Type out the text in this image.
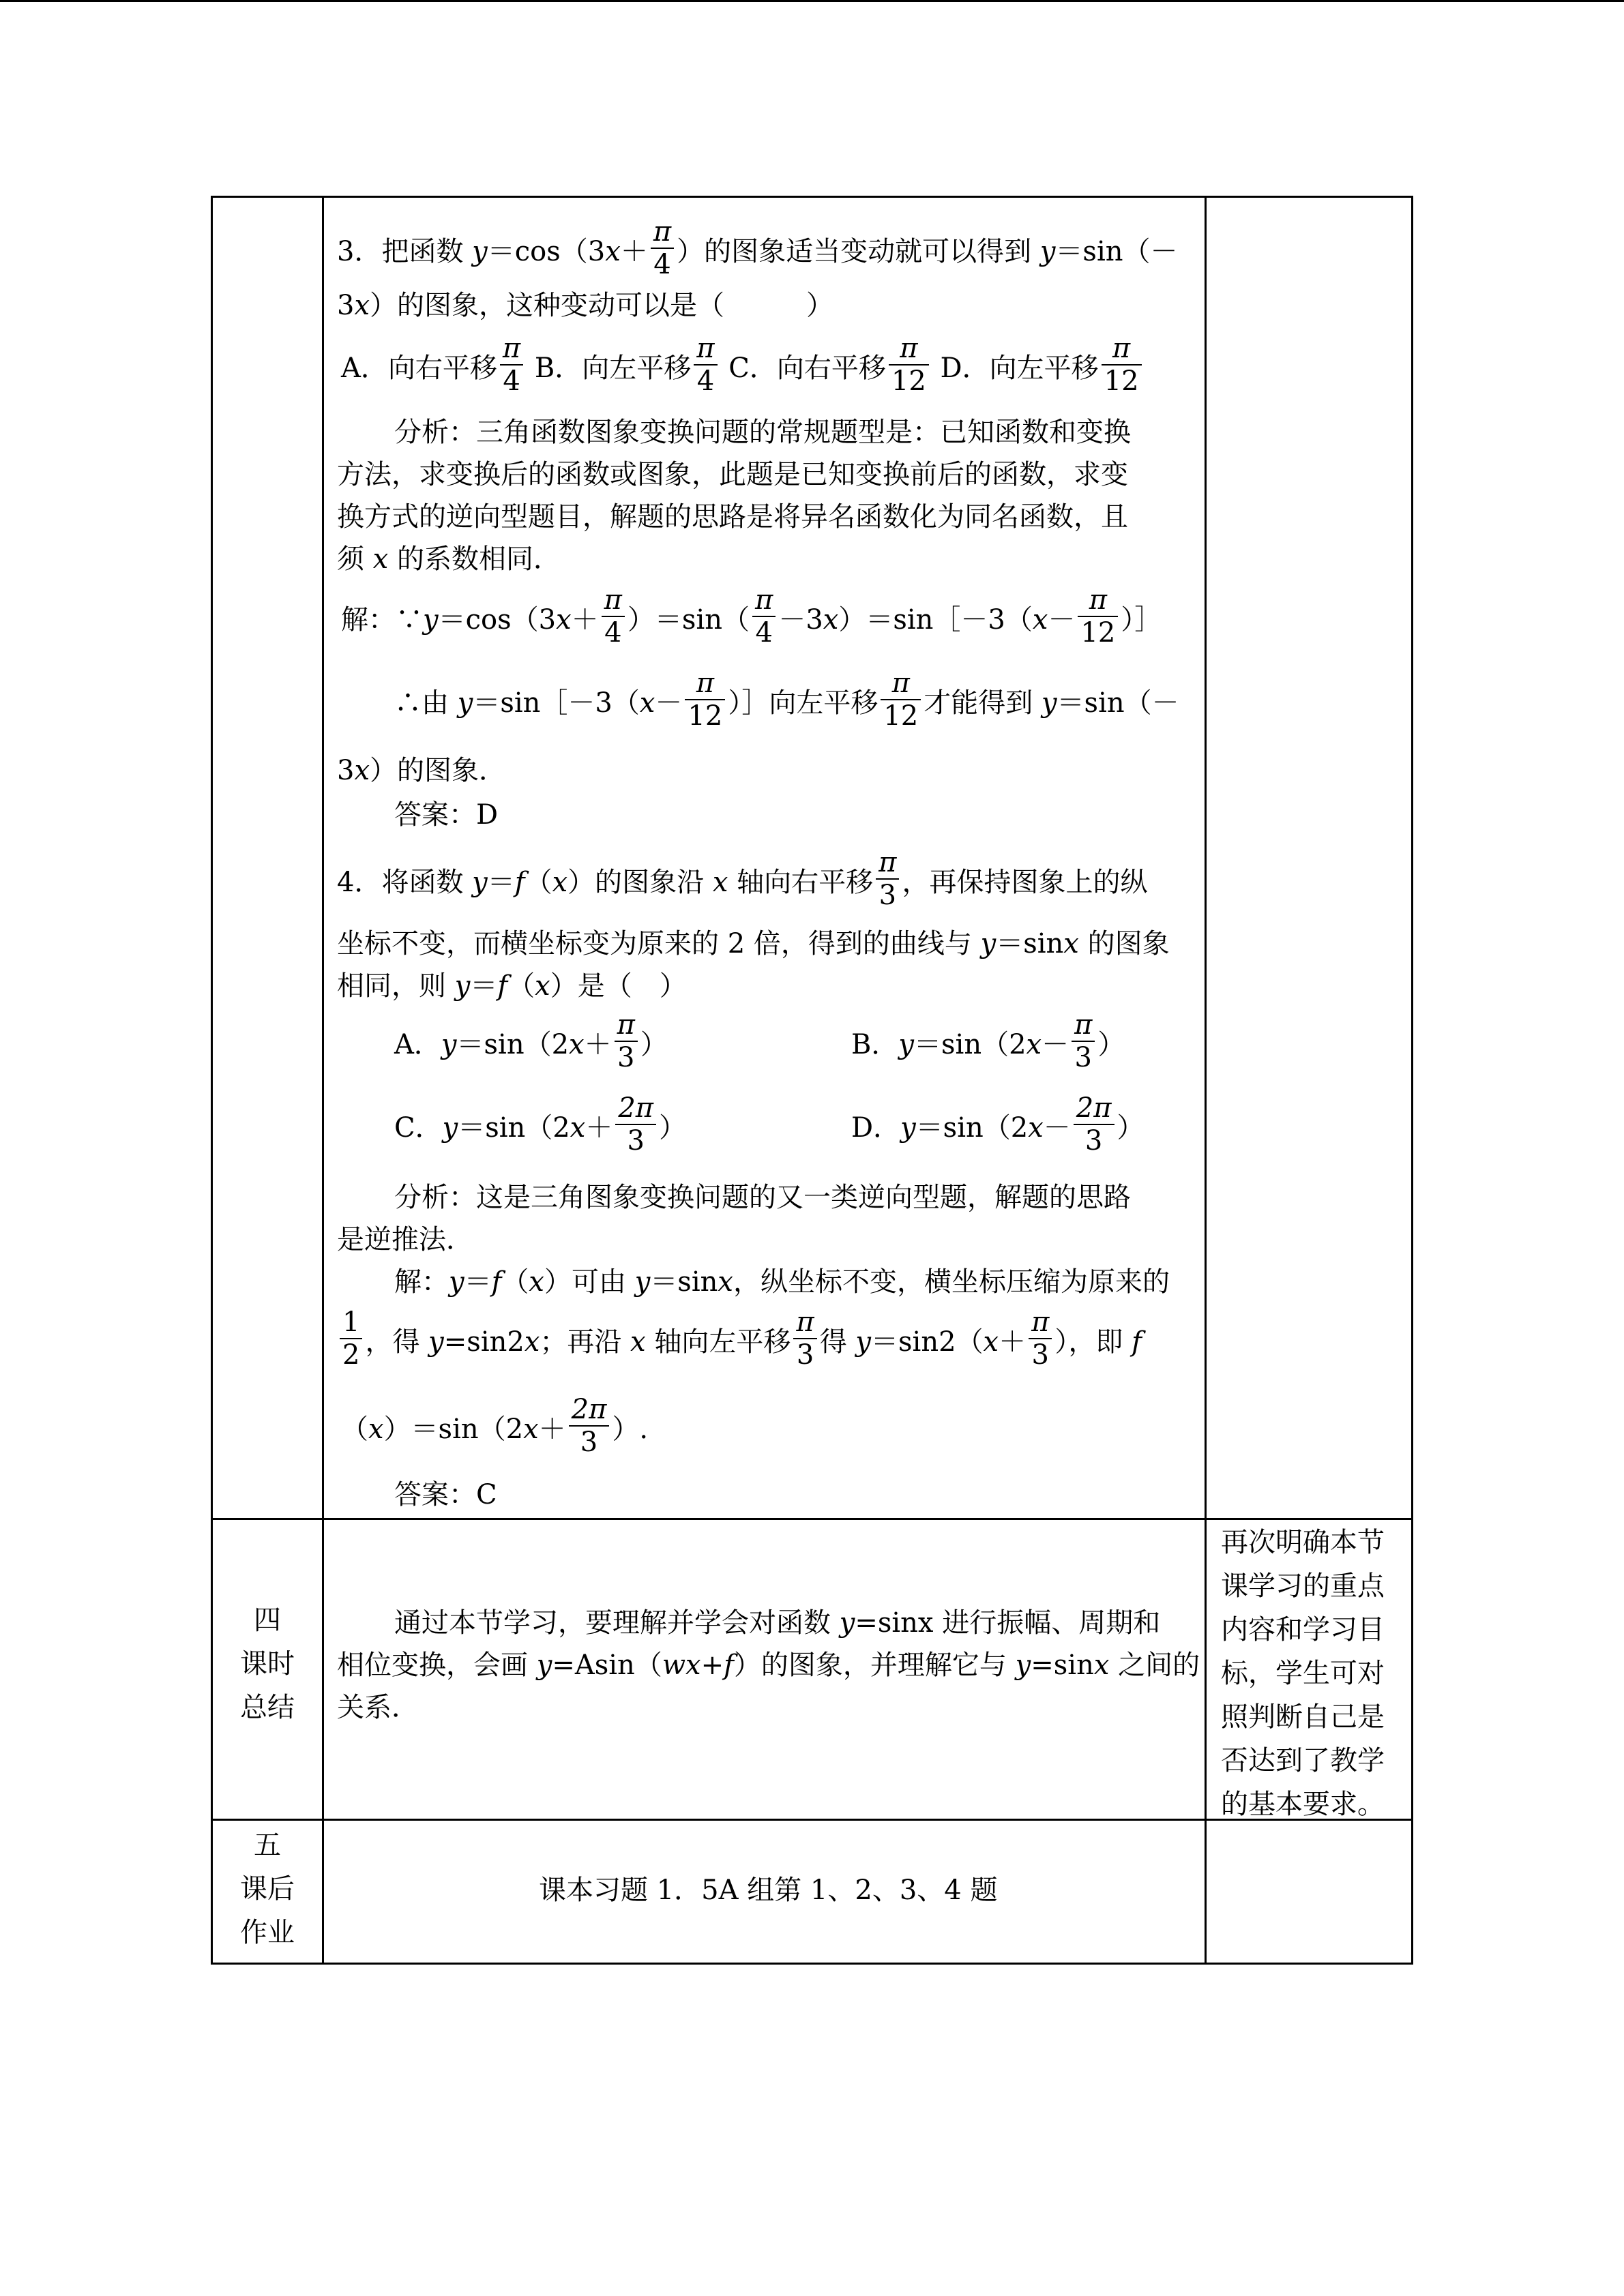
3．把函数 $y=\cos(3x+ \frac{\pi}{4}$ ）的图象适当变动就可以得到 y＝sin（－
3x）的图象，这种变动可以是（　　　）
A．向右平移 $\frac{\pi}{4}$ B．向左平移 $\frac{\pi}{4}$ C．向右平移 $\frac{\pi}{12}$ D．向左平移 $\frac{\pi}{12}$
分析：三角函数图象变换问题的常规题型是：已知函数和变换
方法，求变换后的函数或图象，此题是已知变换前后的函数，求变
换方式的逆向型题目，解题的思路是将异名函数化为同名函数，且
须 x 的系数相同．
解：∵y＝cos（3x＋ $\frac{\pi}{4} )=\sin( \frac{\pi}{4}$ －3x）＝sin［－3（x－ $\frac{\pi}{12}$ ）］
∴由 y＝sin［－3（x－ $\frac{\pi}{12}$ ）］向左平移 $\frac{\pi}{12}$ 才能得到 y＝sin（－
3x）的图象．
答案：D
4．将函数 y＝f（x）的图象沿 x 轴向右平移 $\frac{\pi}{3}$ ，再保持图象上的纵
坐标不变，而横坐标变为原来的 2 倍，得到的曲线与 y＝sinx 的图象
相同，则 y＝f（x）是（　）
A．$y=\sin(2x+ \frac{\pi}{3}$ ）	B．$y=\sin(2x- \frac{\pi}{3}$ ）
C．$y=\sin(2x+ \frac{2\pi}{3}$ ）	D．$y=\sin(2x- \frac{2\pi}{3}$ ）
分析：这是三角图象变换问题的又一类逆向型题，解题的思路
是逆推法．
解：y＝f（x）可由 y＝sinx，纵坐标不变，横坐标压缩为原来的
$\frac{1}{2}$ ，得 y=sin2x；再沿 x 轴向左平移 $\frac{\pi}{3}$ 得 $y=\sin 2(x+ \frac{\pi}{3}$ ），即 f
$(x)=\sin(2x+ \frac{2\pi}{3}$ ）.
答案：C
四
课时
总结
通过本节学习，要理解并学会对函数 y=sinx 进行振幅、周期和
相位变换，会画 y=Asin（wx+f）的图象，并理解它与 y=sinx 之间的
关系．
再次明确本节
课学习的重点
内容和学习目
标，学生可对
照判断自己是
否达到了教学
的基本要求。
五
课后
作业
课本习题 1．5A 组第 1、2、3、4 题
